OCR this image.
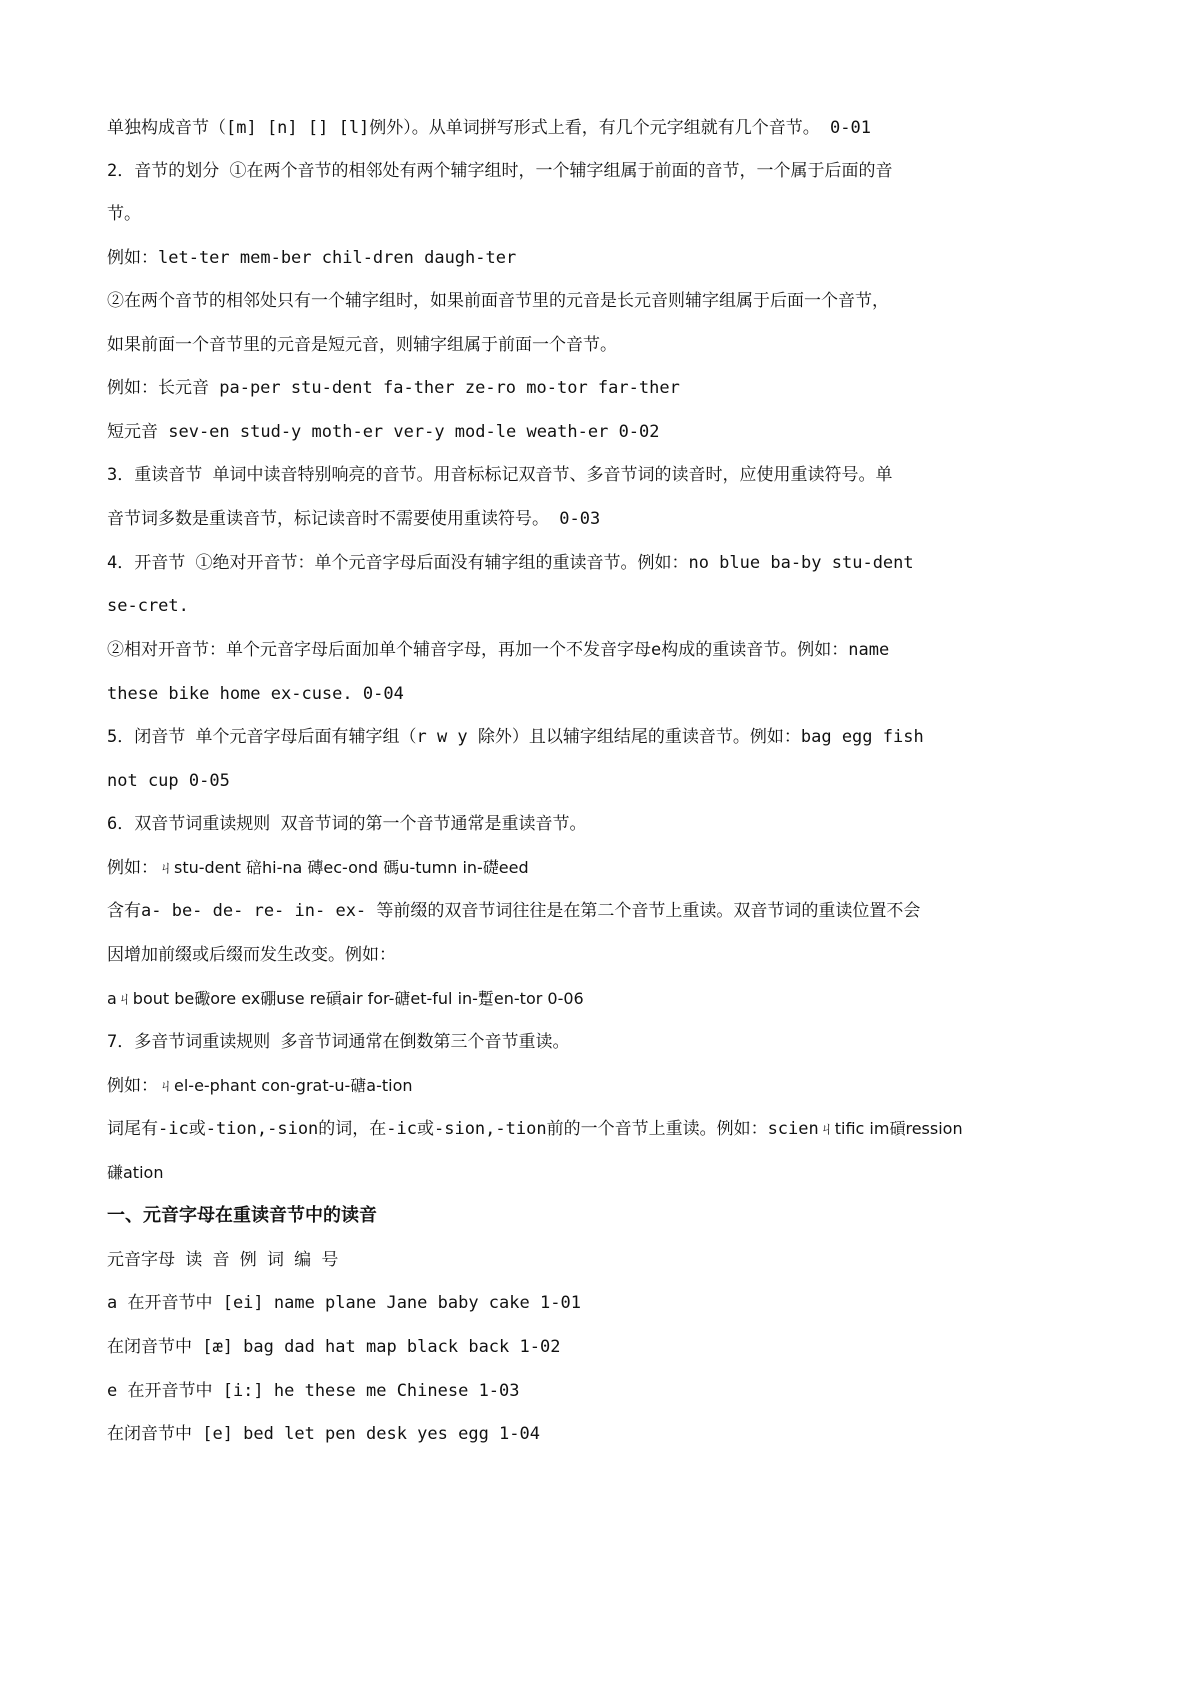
单独构成音节（[m] [n] [] [l]例外）。从单词拼写形式上看，有几个元字组就有几个音节。 0-01
2．音节的划分 ①在两个音节的相邻处有两个辅字组时，一个辅字组属于前面的音节，一个属于后面的音
节。
例如：let-ter mem-ber chil-dren daugh-ter
②在两个音节的相邻处只有一个辅字组时，如果前面音节里的元音是长元音则辅字组属于后面一个音节，
如果前面一个音节里的元音是短元音，则辅字组属于前面一个音节。
例如：长元音 pa-per stu-dent fa-ther ze-ro mo-tor far-ther
短元音 sev-en stud-y moth-er ver-y mod-le weath-er 0-02
3．重读音节 单词中读音特别响亮的音节。用音标标记双音节、多音节词的读音时，应使用重读符号。单
音节词多数是重读音节，标记读音时不需要使用重读符号。 0-03
4．开音节 ①绝对开音节：单个元音字母后面没有辅字组的重读音节。例如：no blue ba-by stu-dent
se-cret.
②相对开音节：单个元音字母后面加单个辅音字母，再加一个不发音字母e构成的重读音节。例如：name
these bike home ex-cuse. 0-04
5．闭音节 单个元音字母后面有辅字组（r w y 除外）且以辅字组结尾的重读音节。例如：bag egg fish
not cup 0-05
6．双音节词重读规则 双音节词的第一个音节通常是重读音节。
例如：ㄐstu-dent 碚hi-na 磚ec-ond 碼u-tumn in-礎eed
含有a- be- de- re- in- ex- 等前缀的双音节词往往是在第二个音节上重读。双音节词的重读位置不会
因增加前缀或后缀而发生改变。例如：
aㄐbout be礮ore ex硼use re碽air for-磄et-ful in-蹔en-tor 0-06
7．多音节词重读规则 多音节词通常在倒数第三个音节重读。
例如：ㄐel-e-phant con-grat-u-磄a-tion
词尾有-ic或-tion,-sion的词，在-ic或-sion,-tion前的一个音节上重读。例如：scienㄐtific im碽ression
磏ation
一、元音字母在重读音节中的读音
元音字母 读 音 例 词 编 号
a 在开音节中 [ei] name plane Jane baby cake 1-01
在闭音节中 [æ] bag dad hat map black back 1-02
e 在开音节中 [i:] he these me Chinese 1-03
在闭音节中 [e] bed let pen desk yes egg 1-04
